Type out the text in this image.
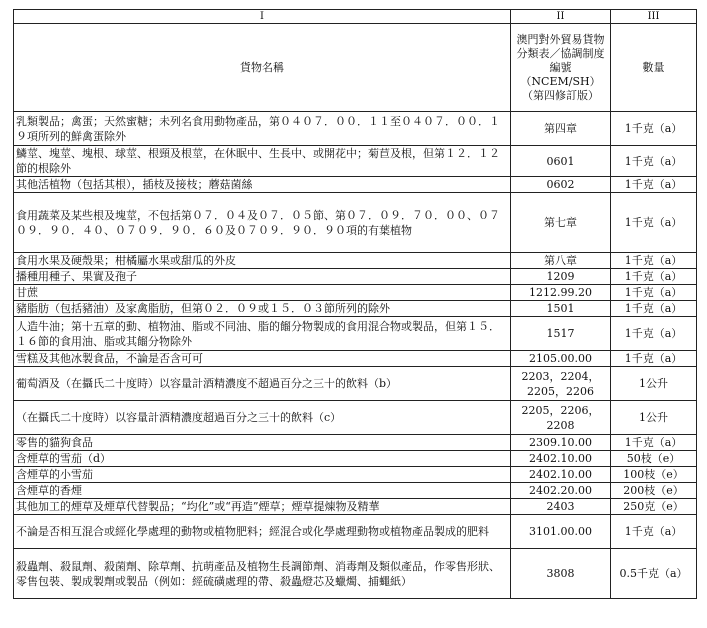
I	II	III
貨物名稱	澳門對外貿易貨物分類表／協調制度編號（NCEM/SH）（第四修訂版）	數量
乳類製品；禽蛋；天然蜜糖；未列名食用動物產品，第０４０７．００．１１至０４０７．００．１９項所列的鮮禽蛋除外	第四章	1千克（a）
鱗莖、塊莖、塊根、球莖、根頸及根莖，在休眠中、生長中、或開花中；菊苣及根，但第１２．１２節的根除外	0601	1千克（a）
其他活植物（包括其根），插枝及接枝；蘑菇菌絲	0602	1千克（a）
食用蔬菜及某些根及塊莖，不包括第０７．０４及０７．０５節、第０７．０９．７０．００、０７０９．９０．４０、０７０９．９０．６０及０７０９．９０．９０項的有葉植物	第七章	1千克（a）
食用水果及硬殼果；柑橘屬水果或甜瓜的外皮	第八章	1千克（a）
播種用種子、果實及孢子	1209	1千克（a）
甘蔗	1212.99.20	1千克（a）
豬脂肪（包括豬油）及家禽脂肪，但第０２．０９或１５．０３節所列的除外	1501	1千克（a）
人造牛油；第十五章的動、植物油、脂或不同油、脂的餾分物製成的食用混合物或製品，但第１５．１６節的食用油、脂或其餾分物除外	1517	1千克（a）
雪糕及其他冰製食品，不論是否含可可	2105.00.00	1千克（a）
葡萄酒及（在攝氏二十度時）以容量計酒精濃度不超過百分之三十的飲料（b）	2203，2204，2205，2206	1公升
（在攝氏二十度時）以容量計酒精濃度超過百分之三十的飲料（c）	2205，2206，2208	1公升
零售的貓狗食品	2309.10.00	1千克（a）
含煙草的雪茄（d）	2402.10.00	50枝（e）
含煙草的小雪茄	2402.10.00	100枝（e）
含煙草的香煙	2402.20.00	200枝（e）
其他加工的煙草及煙草代替製品；“均化”或“再造”煙草；煙草提煉物及精華	2403	250克（e）
不論是否相互混合或經化學處理的動物或植物肥料；經混合或化學處理動物或植物產品製成的肥料	3101.00.00	1千克（a）
殺蟲劑、殺鼠劑、殺菌劑、除草劑、抗萌產品及植物生長調節劑、消毒劑及類似產品，作零售形狀、零售包裝、製成製劑或製品（例如：經硫磺處理的帶、殺蟲燈芯及蠟燭、捕蠅紙）	3808	0.5千克（a）
